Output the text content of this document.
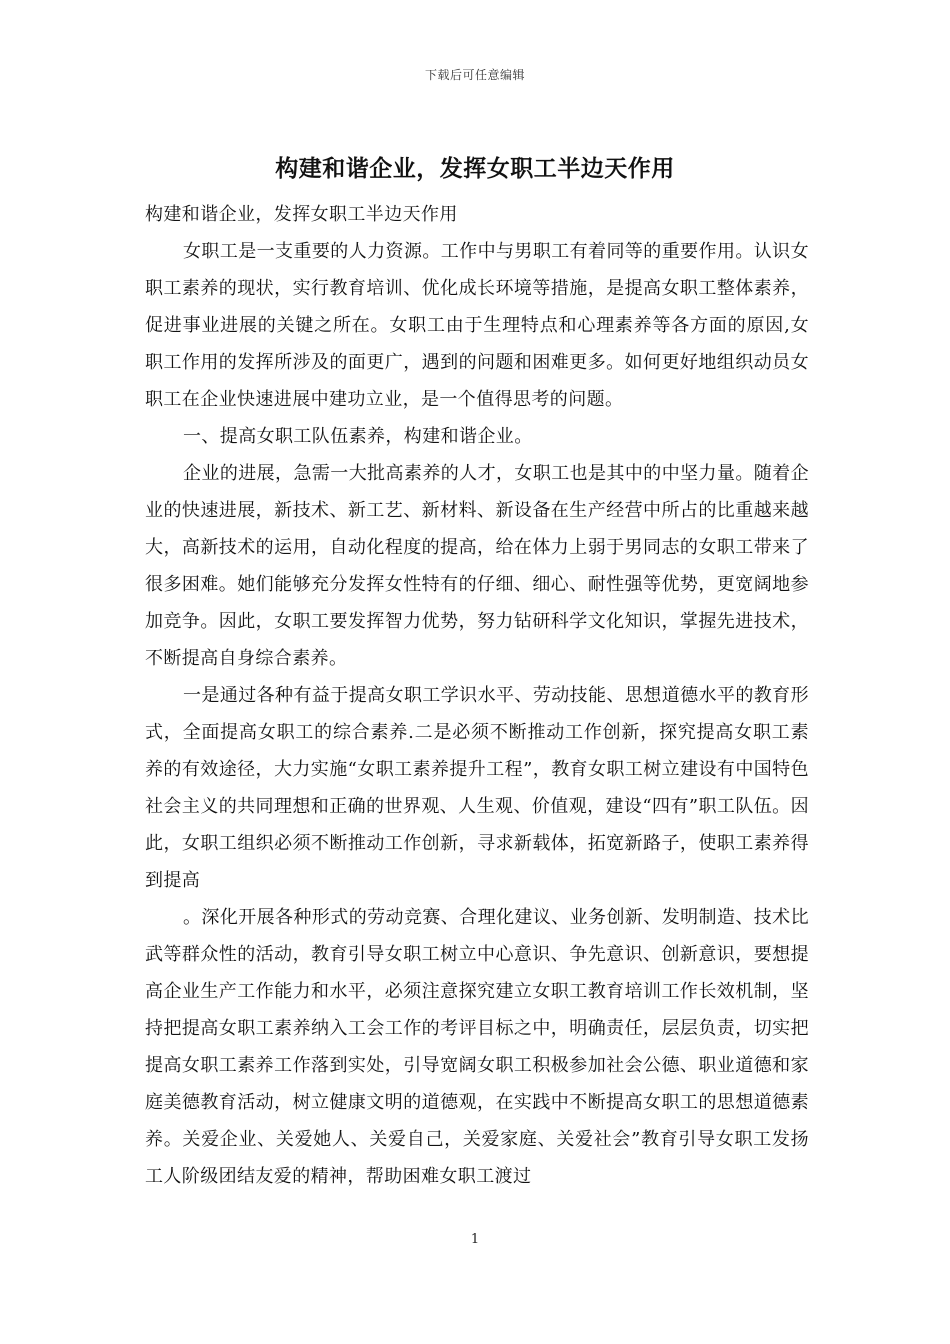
下载后可任意编辑
构建和谐企业，发挥女职工半边天作用

构建和谐企业，发挥女职工半边天作用

女职工是一支重要的人力资源。工作中与男职工有着同等的重要作用。认识女职工素养的现状，实行教育培训、优化成长环境等措施，是提高女职工整体素养，促进事业进展的关键之所在。女职工由于生理特点和心理素养等各方面的原因,女职工作用的发挥所涉及的面更广，遇到的问题和困难更多。如何更好地组织动员女职工在企业快速进展中建功立业，是一个值得思考的问题。

一、提高女职工队伍素养，构建和谐企业。

企业的进展，急需一大批高素养的人才，女职工也是其中的中坚力量。随着企业的快速进展，新技术、新工艺、新材料、新设备在生产经营中所占的比重越来越大，高新技术的运用，自动化程度的提高，给在体力上弱于男同志的女职工带来了很多困难。她们能够充分发挥女性特有的仔细、细心、耐性强等优势，更宽阔地参加竞争。因此，女职工要发挥智力优势，努力钻研科学文化知识，掌握先进技术，不断提高自身综合素养。

一是通过各种有益于提高女职工学识水平、劳动技能、思想道德水平的教育形式，全面提高女职工的综合素养.二是必须不断推动工作创新，探究提高女职工素养的有效途径，大力实施“女职工素养提升工程”，教育女职工树立建设有中国特色社会主义的共同理想和正确的世界观、人生观、价值观，建设“四有”职工队伍。因此，女职工组织必须不断推动工作创新，寻求新载体，拓宽新路子，使职工素养得到提高

。深化开展各种形式的劳动竞赛、合理化建议、业务创新、发明制造、技术比武等群众性的活动，教育引导女职工树立中心意识、争先意识、创新意识，要想提高企业生产工作能力和水平，必须注意探究建立女职工教育培训工作长效机制，坚持把提高女职工素养纳入工会工作的考评目标之中，明确责任，层层负责，切实把提高女职工素养工作落到实处，引导宽阔女职工积极参加社会公德、职业道德和家庭美德教育活动，树立健康文明的道德观，在实践中不断提高女职工的思想道德素养。关爱企业、关爱她人、关爱自己，关爱家庭、关爱社会”教育引导女职工发扬工人阶级团结友爱的精神，帮助困难女职工渡过

1
